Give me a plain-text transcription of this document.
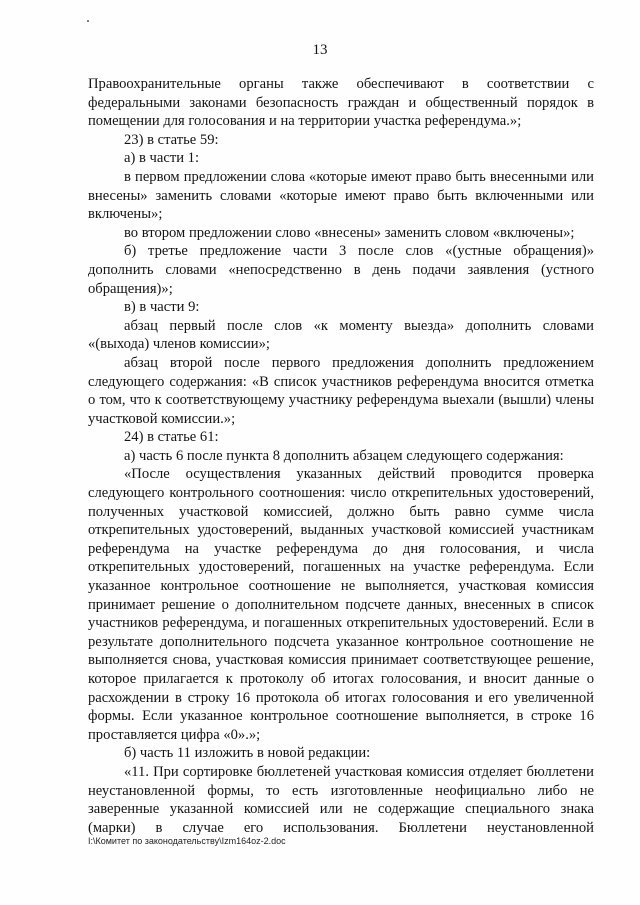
13

Правоохранительные органы также обеспечивают в соответствии с федеральными законами безопасность граждан и общественный порядок в помещении для голосования и на территории участка референдума.»;

23) в статье 59:

а) в части 1:

в первом предложении слова «которые имеют право быть внесенными или внесены» заменить словами «которые имеют право быть включенными или включены»;

во втором предложении слово «внесены» заменить словом «включены»;

б) третье предложение части 3 после слов «(устные обращения)» дополнить словами «непосредственно в день подачи заявления (устного обращения)»;

в) в части 9:

абзац первый после слов «к моменту выезда» дополнить словами «(выхода) членов комиссии»;

абзац второй после первого предложения дополнить предложением следующего содержания: «В список участников референдума вносится отметка о том, что к соответствующему участнику референдума выехали (вышли) члены участковой комиссии.»;

24) в статье 61:

а) часть 6 после пункта 8 дополнить абзацем следующего содержания:

«После осуществления указанных действий проводится проверка следующего контрольного соотношения: число открепительных удостоверений, полученных участковой комиссией, должно быть равно сумме числа открепительных удостоверений, выданных участковой комиссией участникам референдума на участке референдума до дня голосования, и числа открепительных удостоверений, погашенных на участке референдума. Если указанное контрольное соотношение не выполняется, участковая комиссия принимает решение о дополнительном подсчете данных, внесенных в список участников референдума, и погашенных открепительных удостоверений. Если в результате дополнительного подсчета указанное контрольное соотношение не выполняется снова, участковая комиссия принимает соответствующее решение, которое прилагается к протоколу об итогах голосования, и вносит данные о расхождении в строку 16 протокола об итогах голосования и его увеличенной формы. Если указанное контрольное соотношение выполняется, в строке 16 проставляется цифра «0».»;

б) часть 11 изложить в новой редакции:

«11. При сортировке бюллетеней участковая комиссия отделяет бюллетени неустановленной формы, то есть изготовленные неофициально либо не заверенные указанной комиссией или не содержащие специального знака (марки) в случае его использования. Бюллетени неустановленной

I:\Комитет по законодательству\Izm164oz-2.doc
